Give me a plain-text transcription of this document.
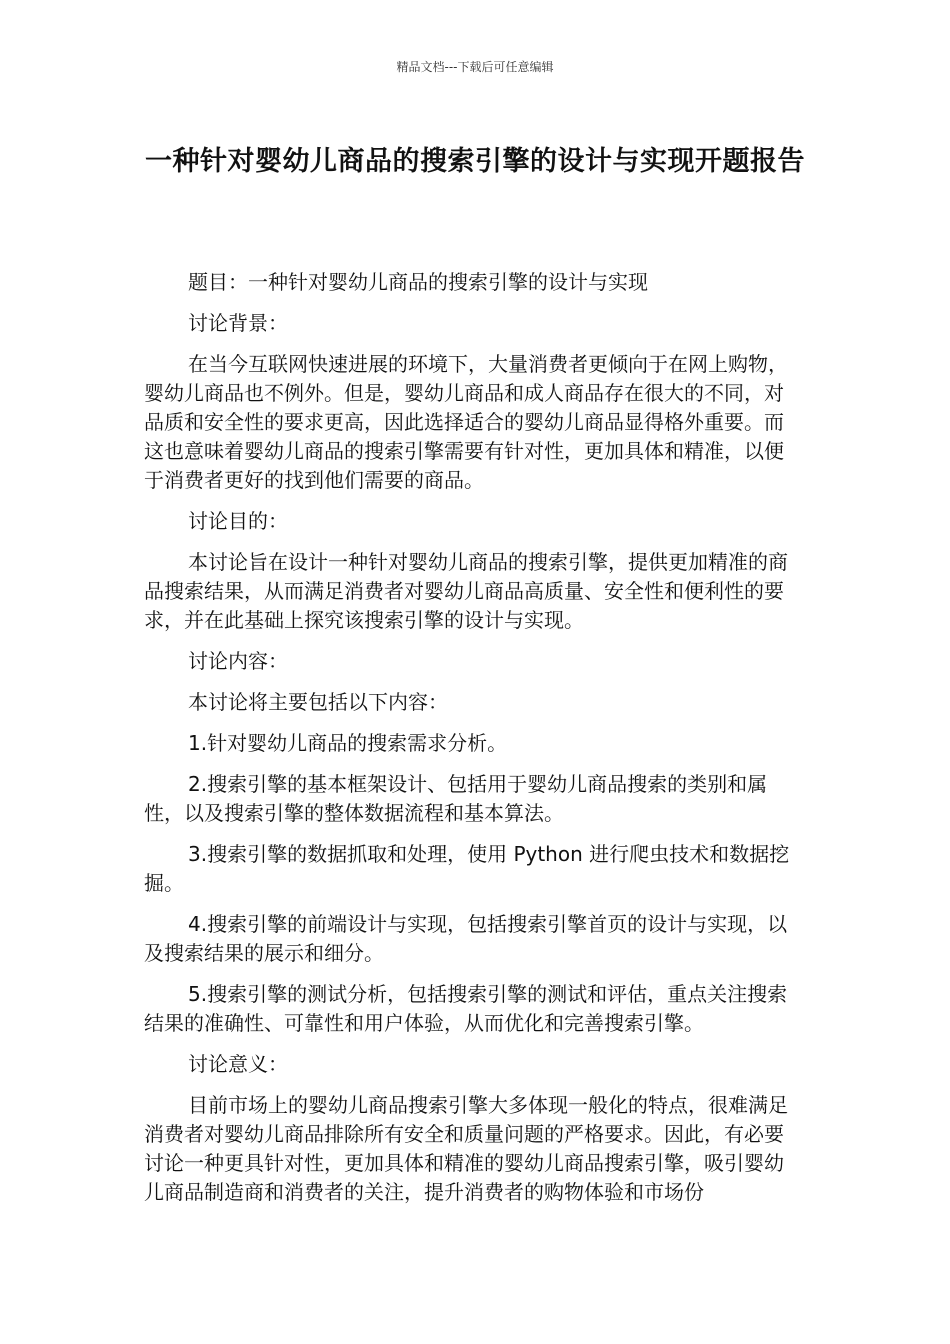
精品文档---下载后可任意编辑
一种针对婴幼儿商品的搜索引擎的设计与实现开题报告

题目：一种针对婴幼儿商品的搜索引擎的设计与实现

讨论背景：

在当今互联网快速进展的环境下，大量消费者更倾向于在网上购物，婴幼儿商品也不例外。但是，婴幼儿商品和成人商品存在很大的不同，对品质和安全性的要求更高，因此选择适合的婴幼儿商品显得格外重要。而这也意味着婴幼儿商品的搜索引擎需要有针对性，更加具体和精准，以便于消费者更好的找到他们需要的商品。

讨论目的：

本讨论旨在设计一种针对婴幼儿商品的搜索引擎，提供更加精准的商品搜索结果，从而满足消费者对婴幼儿商品高质量、安全性和便利性的要求，并在此基础上探究该搜索引擎的设计与实现。

讨论内容：

本讨论将主要包括以下内容：

1.针对婴幼儿商品的搜索需求分析。

2.搜索引擎的基本框架设计、包括用于婴幼儿商品搜索的类别和属性，以及搜索引擎的整体数据流程和基本算法。

3.搜索引擎的数据抓取和处理，使用 Python 进行爬虫技术和数据挖掘。

4.搜索引擎的前端设计与实现，包括搜索引擎首页的设计与实现，以及搜索结果的展示和细分。

5.搜索引擎的测试分析，包括搜索引擎的测试和评估，重点关注搜索结果的准确性、可靠性和用户体验，从而优化和完善搜索引擎。

讨论意义：

目前市场上的婴幼儿商品搜索引擎大多体现一般化的特点，很难满足消费者对婴幼儿商品排除所有安全和质量问题的严格要求。因此，有必要讨论一种更具针对性，更加具体和精准的婴幼儿商品搜索引擎，吸引婴幼儿商品制造商和消费者的关注，提升消费者的购物体验和市场份
